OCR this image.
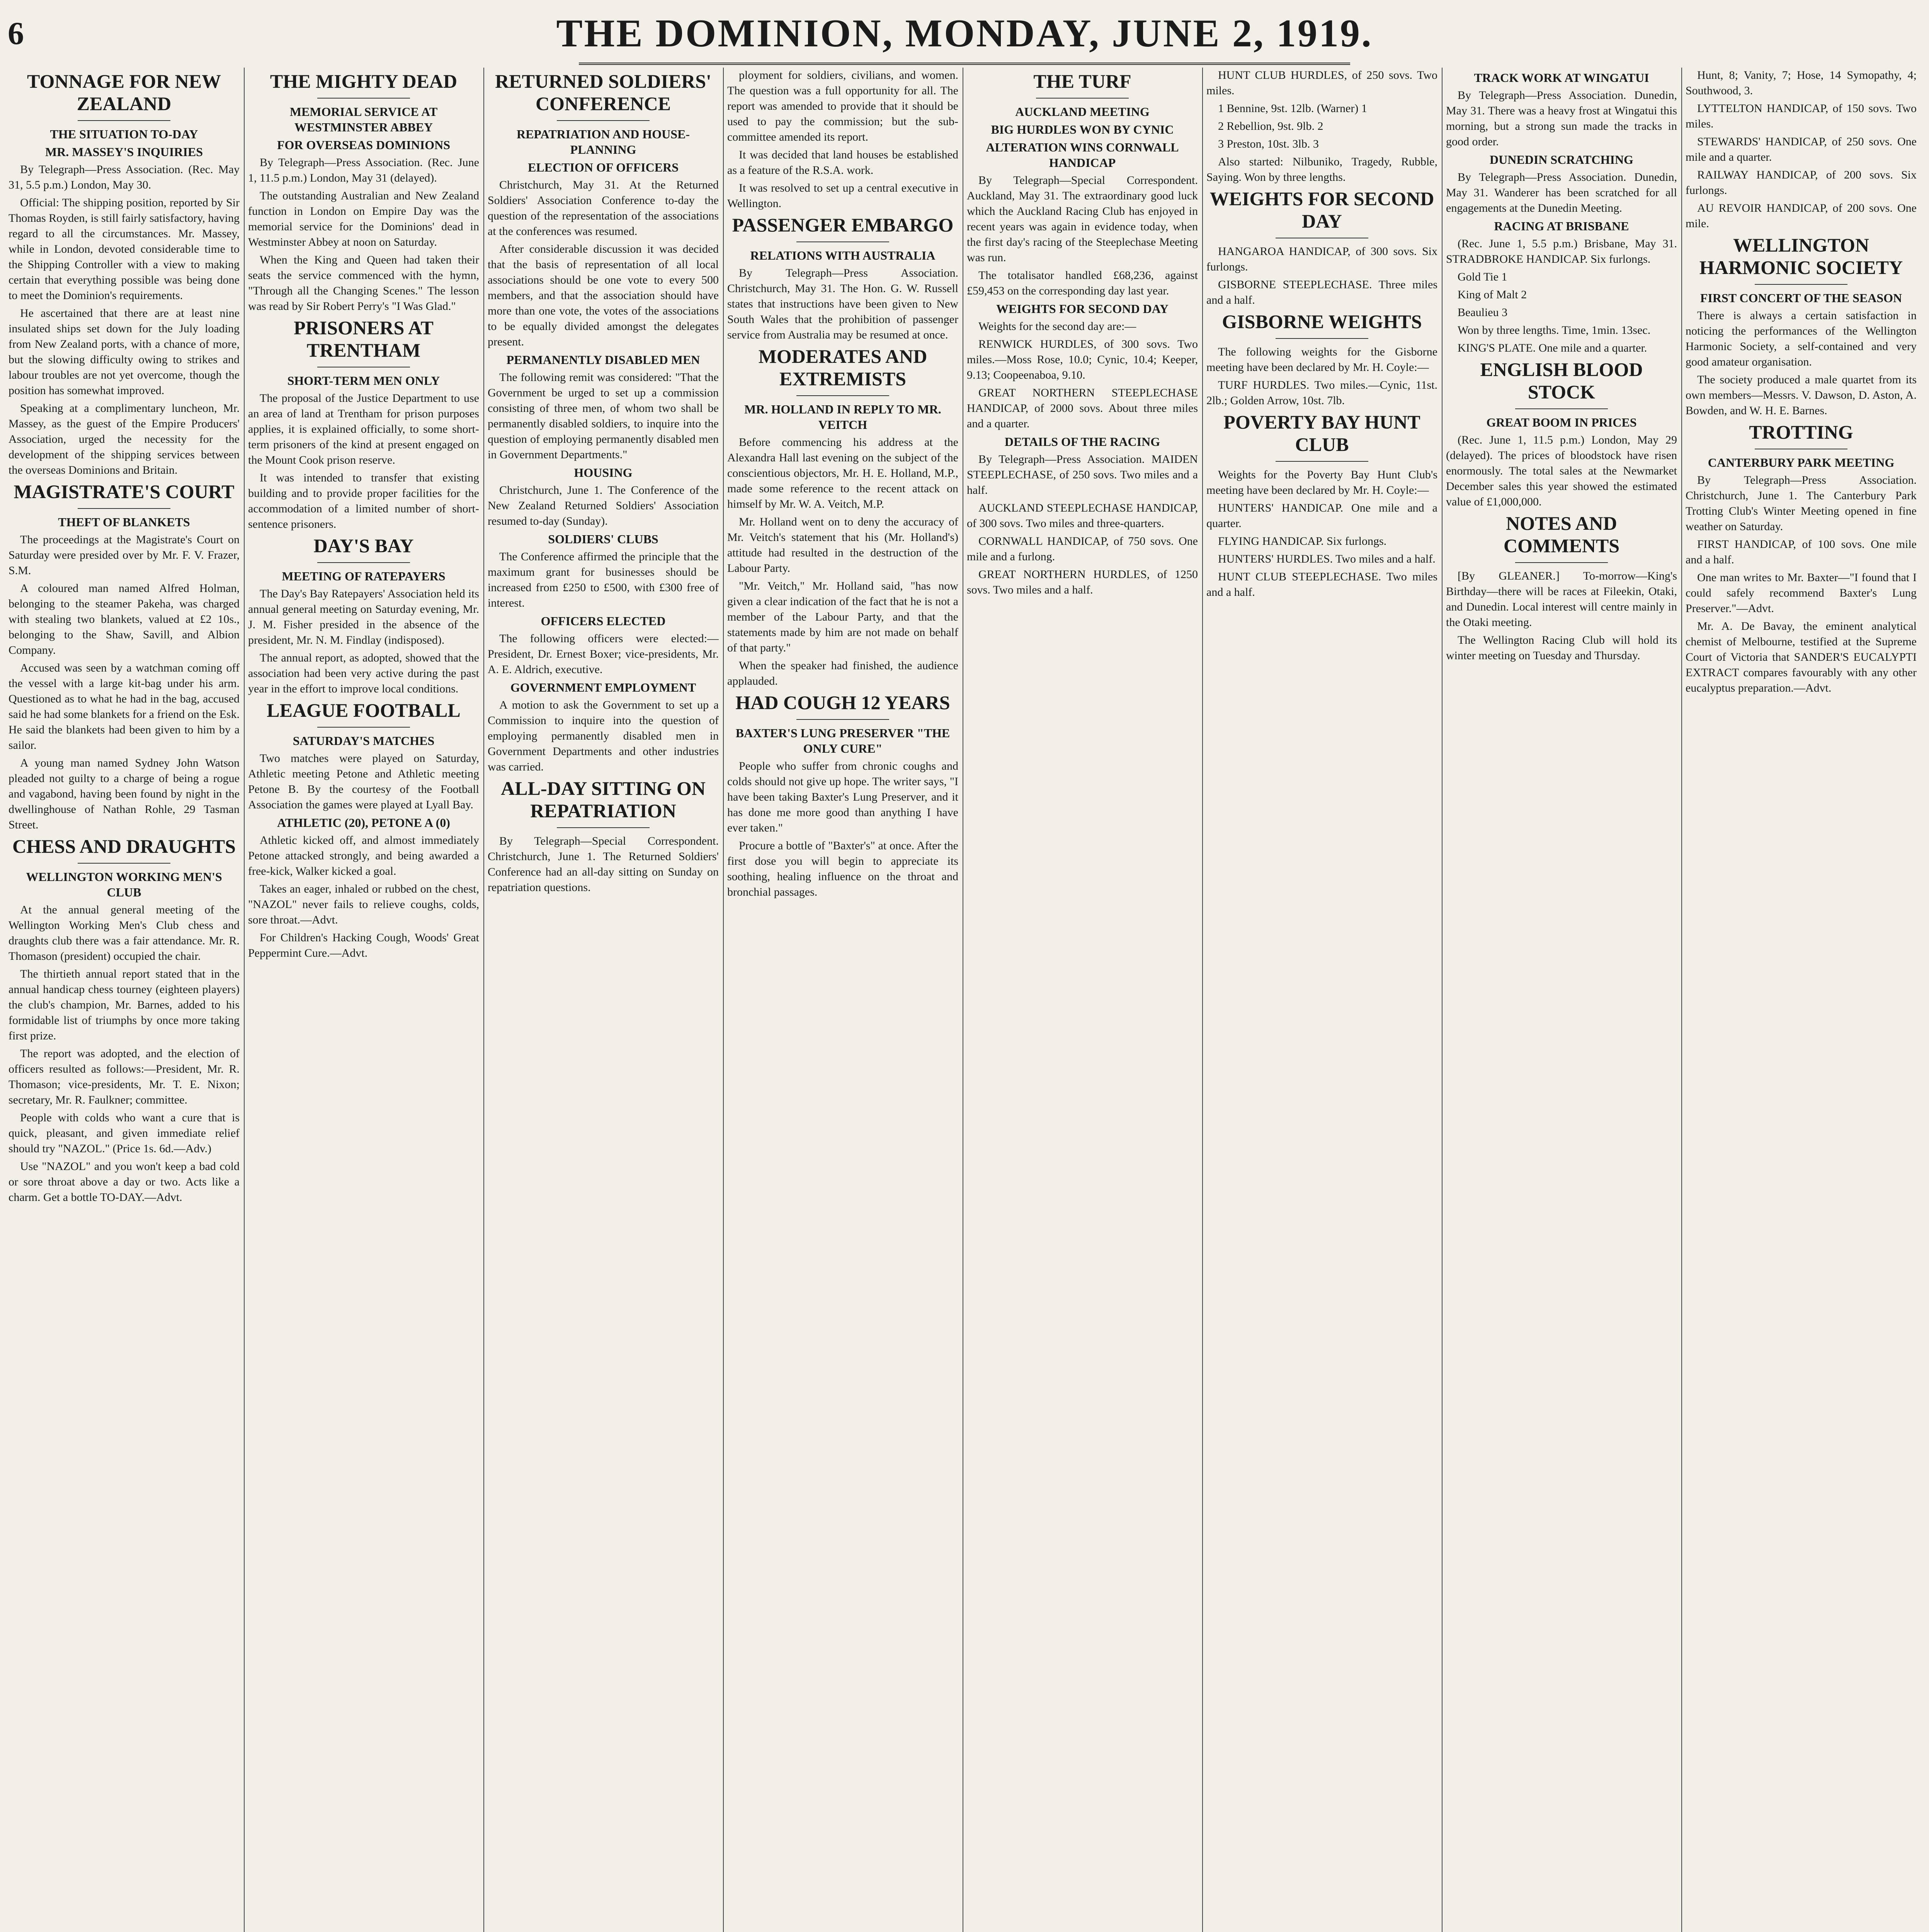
6	THE DOMINION, MONDAY, JUNE 2, 1919.
TONNAGE FOR NEW ZEALAND
THE SITUATION TO-DAY
MR. MASSEY'S INQUIRIES

By Telegraph—Press Association. (Rec. May 31, 5.5 p.m.) London, May 30.

Official: The shipping position, reported by Sir Thomas Royden, is still fairly satisfactory, having regard to all the circumstances. Mr. Massey, while in London, devoted considerable time to the Shipping Controller with a view to making certain that everything possible was being done to meet the Dominion's requirements.

He ascertained that there are at least nine insulated ships set down for the July loading from New Zealand ports, with a chance of more, but the slowing difficulty owing to strikes and labour troubles are not yet overcome, though the position has somewhat improved.

Speaking at a complimentary luncheon, Mr. Massey, as the guest of the Empire Producers' Association, urged the necessity for the development of the shipping services between the overseas Dominions and Britain.

MAGISTRATE'S COURT
THEFT OF BLANKETS

The proceedings at the Magistrate's Court on Saturday were presided over by Mr. F. V. Frazer, S.M.

A coloured man named Alfred Holman, belonging to the steamer Pakeha, was charged with stealing two blankets, valued at £2 10s., belonging to the Shaw, Savill, and Albion Company.

Accused was seen by a watchman coming off the vessel with a large kit-bag under his arm. Questioned as to what he had in the bag, accused said he had some blankets for a friend on the Esk. He said the blankets had been given to him by a sailor.

A young man named Sydney John Watson pleaded not guilty to a charge of being a rogue and vagabond, having been found by night in the dwellinghouse of Nathan Rohle, 29 Tasman Street.

CHESS AND DRAUGHTS
WELLINGTON WORKING MEN'S CLUB

At the annual general meeting of the Wellington Working Men's Club chess and draughts club there was a fair attendance. Mr. R. Thomason (president) occupied the chair.

The thirtieth annual report stated that in the annual handicap chess tourney (eighteen players) the club's champion, Mr. Barnes, added to his formidable list of triumphs by once more taking first prize.

The report was adopted, and the election of officers resulted as follows:—President, Mr. R. Thomason; vice-presidents, Mr. T. E. Nixon; secretary, Mr. R. Faulkner; committee.

People with colds who want a cure that is quick, pleasant, and given immediate relief should try "NAZOL." (Price 1s. 6d.—Adv.)

Use "NAZOL" and you won't keep a bad cold or sore throat above a day or two. Acts like a charm. Get a bottle TO-DAY.—Advt.

THE MIGHTY DEAD
MEMORIAL SERVICE AT WESTMINSTER ABBEY
FOR OVERSEAS DOMINIONS

By Telegraph—Press Association. (Rec. June 1, 11.5 p.m.) London, May 31 (delayed).

The outstanding Australian and New Zealand function in London on Empire Day was the memorial service for the Dominions' dead in Westminster Abbey at noon on Saturday.

When the King and Queen had taken their seats the service commenced with the hymn, "Through all the Changing Scenes." The lesson was read by Sir Robert Perry's "I Was Glad."

PRISONERS AT TRENTHAM
SHORT-TERM MEN ONLY

The proposal of the Justice Department to use an area of land at Trentham for prison purposes applies, it is explained officially, to some short-term prisoners of the kind at present engaged on the Mount Cook prison reserve.

It was intended to transfer that existing building and to provide proper facilities for the accommodation of a limited number of short-sentence prisoners.

DAY'S BAY
MEETING OF RATEPAYERS

The Day's Bay Ratepayers' Association held its annual general meeting on Saturday evening, Mr. J. M. Fisher presided in the absence of the president, Mr. N. M. Findlay (indisposed).

The annual report, as adopted, showed that the association had been very active during the past year in the effort to improve local conditions.

LEAGUE FOOTBALL
SATURDAY'S MATCHES

Two matches were played on Saturday, Athletic meeting Petone and Athletic meeting Petone B. By the courtesy of the Football Association the games were played at Lyall Bay.

ATHLETIC (20), PETONE A (0)

Athletic kicked off, and almost immediately Petone attacked strongly, and being awarded a free-kick, Walker kicked a goal.

Takes an eager, inhaled or rubbed on the chest, "NAZOL" never fails to relieve coughs, colds, sore throat.—Advt.

For Children's Hacking Cough, Woods' Great Peppermint Cure.—Advt.

RETURNED SOLDIERS' CONFERENCE
REPATRIATION AND HOUSE-PLANNING
ELECTION OF OFFICERS

Christchurch, May 31. At the Returned Soldiers' Association Conference to-day the question of the representation of the associations at the conferences was resumed.

After considerable discussion it was decided that the basis of representation of all local associations should be one vote to every 500 members, and that the association should have more than one vote, the votes of the associations to be equally divided amongst the delegates present.

PERMANENTLY DISABLED MEN

The following remit was considered: "That the Government be urged to set up a commission consisting of three men, of whom two shall be permanently disabled soldiers, to inquire into the question of employing permanently disabled men in Government Departments."

HOUSING

Christchurch, June 1. The Conference of the New Zealand Returned Soldiers' Association resumed to-day (Sunday).

SOLDIERS' CLUBS

The Conference affirmed the principle that the maximum grant for businesses should be increased from £250 to £500, with £300 free of interest.

OFFICERS ELECTED

The following officers were elected:—President, Dr. Ernest Boxer; vice-presidents, Mr. A. E. Aldrich, executive.

GOVERNMENT EMPLOYMENT

A motion to ask the Government to set up a Commission to inquire into the question of employing permanently disabled men in Government Departments and other industries was carried.

ALL-DAY SITTING ON REPATRIATION

By Telegraph—Special Correspondent. Christchurch, June 1. The Returned Soldiers' Conference had an all-day sitting on Sunday on repatriation questions.

ployment for soldiers, civilians, and women. The question was a full opportunity for all. The report was amended to provide that it should be used to pay the commission; but the sub-committee amended its report.

It was decided that land houses be established as a feature of the R.S.A. work.

It was resolved to set up a central executive in Wellington.

PASSENGER EMBARGO
RELATIONS WITH AUSTRALIA

By Telegraph—Press Association. Christchurch, May 31. The Hon. G. W. Russell states that instructions have been given to New South Wales that the prohibition of passenger service from Australia may be resumed at once.

MODERATES AND EXTREMISTS
MR. HOLLAND IN REPLY TO MR. VEITCH

Before commencing his address at the Alexandra Hall last evening on the subject of the conscientious objectors, Mr. H. E. Holland, M.P., made some reference to the recent attack on himself by Mr. W. A. Veitch, M.P.

Mr. Holland went on to deny the accuracy of Mr. Veitch's statement that his (Mr. Holland's) attitude had resulted in the destruction of the Labour Party.

"Mr. Veitch," Mr. Holland said, "has now given a clear indication of the fact that he is not a member of the Labour Party, and that the statements made by him are not made on behalf of that party."

When the speaker had finished, the audience applauded.

HAD COUGH 12 YEARS
BAXTER'S LUNG PRESERVER "THE ONLY CURE"

People who suffer from chronic coughs and colds should not give up hope. The writer says, "I have been taking Baxter's Lung Preserver, and it has done me more good than anything I have ever taken."

Procure a bottle of "Baxter's" at once. After the first dose you will begin to appreciate its soothing, healing influence on the throat and bronchial passages.

THE TURF
AUCKLAND MEETING
BIG HURDLES WON BY CYNIC
ALTERATION WINS CORNWALL HANDICAP

By Telegraph—Special Correspondent. Auckland, May 31. The extraordinary good luck which the Auckland Racing Club has enjoyed in recent years was again in evidence today, when the first day's racing of the Steeplechase Meeting was run.

The totalisator handled £68,236, against £59,453 on the corresponding day last year.

WEIGHTS FOR SECOND DAY

Weights for the second day are:—

RENWICK HURDLES, of 300 sovs. Two miles.—Moss Rose, 10.0; Cynic, 10.4; Keeper, 9.13; Coopeenaboa, 9.10.

GREAT NORTHERN STEEPLECHASE HANDICAP, of 2000 sovs. About three miles and a quarter.

DETAILS OF THE RACING

By Telegraph—Press Association. MAIDEN STEEPLECHASE, of 250 sovs. Two miles and a half.

AUCKLAND STEEPLECHASE HANDICAP, of 300 sovs. Two miles and three-quarters.

CORNWALL HANDICAP, of 750 sovs. One mile and a furlong.

GREAT NORTHERN HURDLES, of 1250 sovs. Two miles and a half.

HUNT CLUB HURDLES, of 250 sovs. Two miles.

1 Bennine, 9st. 12lb. (Warner) 1

2 Rebellion, 9st. 9lb. 2

3 Preston, 10st. 3lb. 3

Also started: Nilbuniko, Tragedy, Rubble, Saying. Won by three lengths.

WEIGHTS FOR SECOND DAY

HANGAROA HANDICAP, of 300 sovs. Six furlongs.

GISBORNE STEEPLECHASE. Three miles and a half.

GISBORNE WEIGHTS

The following weights for the Gisborne meeting have been declared by Mr. H. Coyle:—

TURF HURDLES. Two miles.—Cynic, 11st. 2lb.; Golden Arrow, 10st. 7lb.

POVERTY BAY HUNT CLUB

Weights for the Poverty Bay Hunt Club's meeting have been declared by Mr. H. Coyle:—

HUNTERS' HANDICAP. One mile and a quarter.

FLYING HANDICAP. Six furlongs.

HUNTERS' HURDLES. Two miles and a half.

HUNT CLUB STEEPLECHASE. Two miles and a half.

TRACK WORK AT WINGATUI

By Telegraph—Press Association. Dunedin, May 31. There was a heavy frost at Wingatui this morning, but a strong sun made the tracks in good order.

DUNEDIN SCRATCHING

By Telegraph—Press Association. Dunedin, May 31. Wanderer has been scratched for all engagements at the Dunedin Meeting.

RACING AT BRISBANE

(Rec. June 1, 5.5 p.m.) Brisbane, May 31. STRADBROKE HANDICAP. Six furlongs.

Gold Tie 1

King of Malt 2

Beaulieu 3

Won by three lengths. Time, 1min. 13sec.

KING'S PLATE. One mile and a quarter.

ENGLISH BLOOD STOCK
GREAT BOOM IN PRICES

(Rec. June 1, 11.5 p.m.) London, May 29 (delayed). The prices of bloodstock have risen enormously. The total sales at the Newmarket December sales this year showed the estimated value of £1,000,000.

NOTES AND COMMENTS

[By GLEANER.] To-morrow—King's Birthday—there will be races at Fileekin, Otaki, and Dunedin. Local interest will centre mainly in the Otaki meeting.

The Wellington Racing Club will hold its winter meeting on Tuesday and Thursday.

Hunt, 8; Vanity, 7; Hose, 14 Symopathy, 4; Southwood, 3.

LYTTELTON HANDICAP, of 150 sovs. Two miles.

STEWARDS' HANDICAP, of 250 sovs. One mile and a quarter.

RAILWAY HANDICAP, of 200 sovs. Six furlongs.

AU REVOIR HANDICAP, of 200 sovs. One mile.

WELLINGTON HARMONIC SOCIETY
FIRST CONCERT OF THE SEASON

There is always a certain satisfaction in noticing the performances of the Wellington Harmonic Society, a self-contained and very good amateur organisation.

The society produced a male quartet from its own members—Messrs. V. Dawson, D. Aston, A. Bowden, and W. H. E. Barnes.

TROTTING
CANTERBURY PARK MEETING

By Telegraph—Press Association. Christchurch, June 1. The Canterbury Park Trotting Club's Winter Meeting opened in fine weather on Saturday.

FIRST HANDICAP, of 100 sovs. One mile and a half.

One man writes to Mr. Baxter—"I found that I could safely recommend Baxter's Lung Preserver."—Advt.

Mr. A. De Bavay, the eminent analytical chemist of Melbourne, testified at the Supreme Court of Victoria that SANDER'S EUCALYPTI EXTRACT compares favourably with any other eucalyptus preparation.—Advt.
